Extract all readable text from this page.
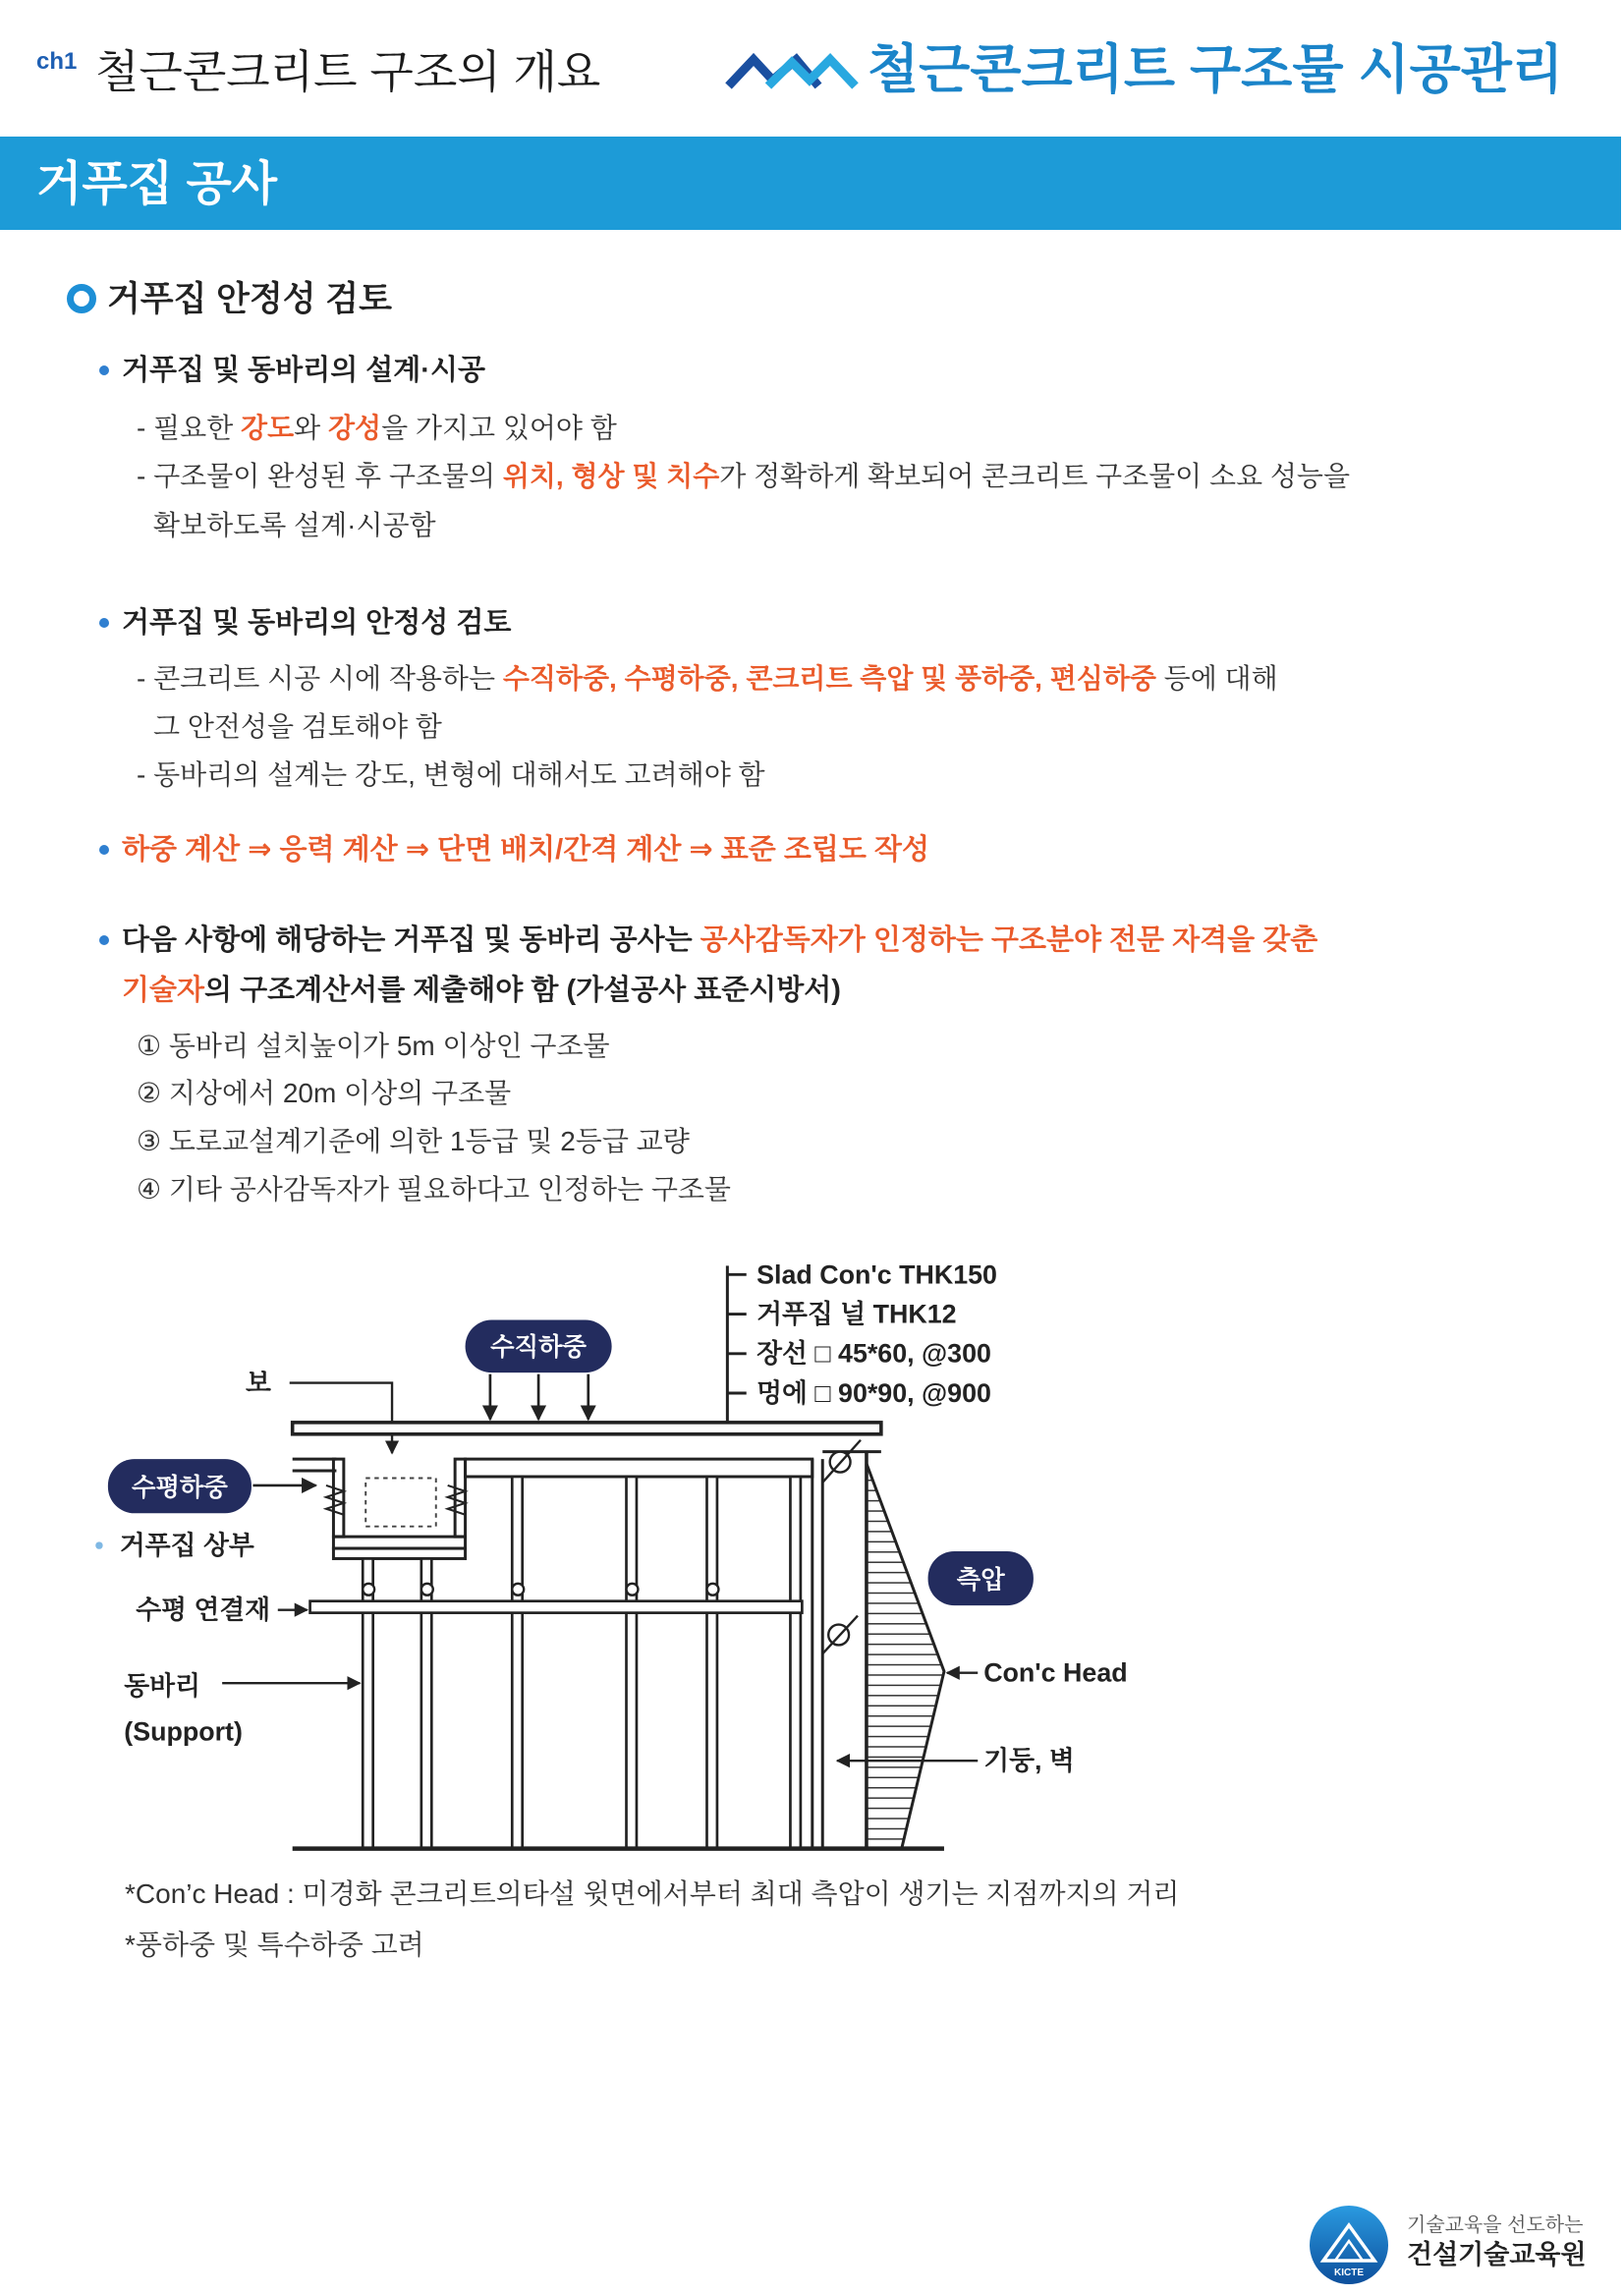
ch1 철근콘크리트 구조의 개요	철근콘크리트 구조물 시공관리
거푸집 공사
거푸집 안정성 검토
거푸집 및 동바리의 설계·시공
- 필요한 강도와 강성을 가지고 있어야 함
- 구조물이 완성된 후 구조물의 위치, 형상 및 치수가 정확하게 확보되어 콘크리트 구조물이 소요 성능을
확보하도록 설계·시공함
거푸집 및 동바리의 안정성 검토
- 콘크리트 시공 시에 작용하는 수직하중, 수평하중, 콘크리트 측압 및 풍하중, 편심하중 등에 대해
그 안전성을 검토해야 함
- 동바리의 설계는 강도, 변형에 대해서도 고려해야 함
하중 계산 ⇒ 응력 계산 ⇒ 단면 배치/간격 계산 ⇒ 표준 조립도 작성
다음 사항에 해당하는 거푸집 및 동바리 공사는 공사감독자가 인정하는 구조분야 전문 자격을 갖춘
기술자의 구조계산서를 제출해야 함 (가설공사 표준시방서)
① 동바리 설치높이가 5m 이상인 구조물
② 지상에서 20m 이상의 구조물
③ 도로교설계기준에 의한 1등급 및 2등급 교량
④ 기타 공사감독자가 필요하다고 인정하는 구조물
Slad Con'c THK150
거푸집 널 THK12
장선 □ 45*60, @300
멍에 □ 90*90, @900
수직하중
보
수평하중
거푸집 상부
수평 연결재
동바리
(Support)
측압
Con'c Head
기둥, 벽
*Con’c Head : 미경화 콘크리트의타설 윗면에서부터 최대 측압이 생기는 지점까지의 거리
*풍하중 및 특수하중 고려
KICTE
기술교육을 선도하는
건설기술교육원
